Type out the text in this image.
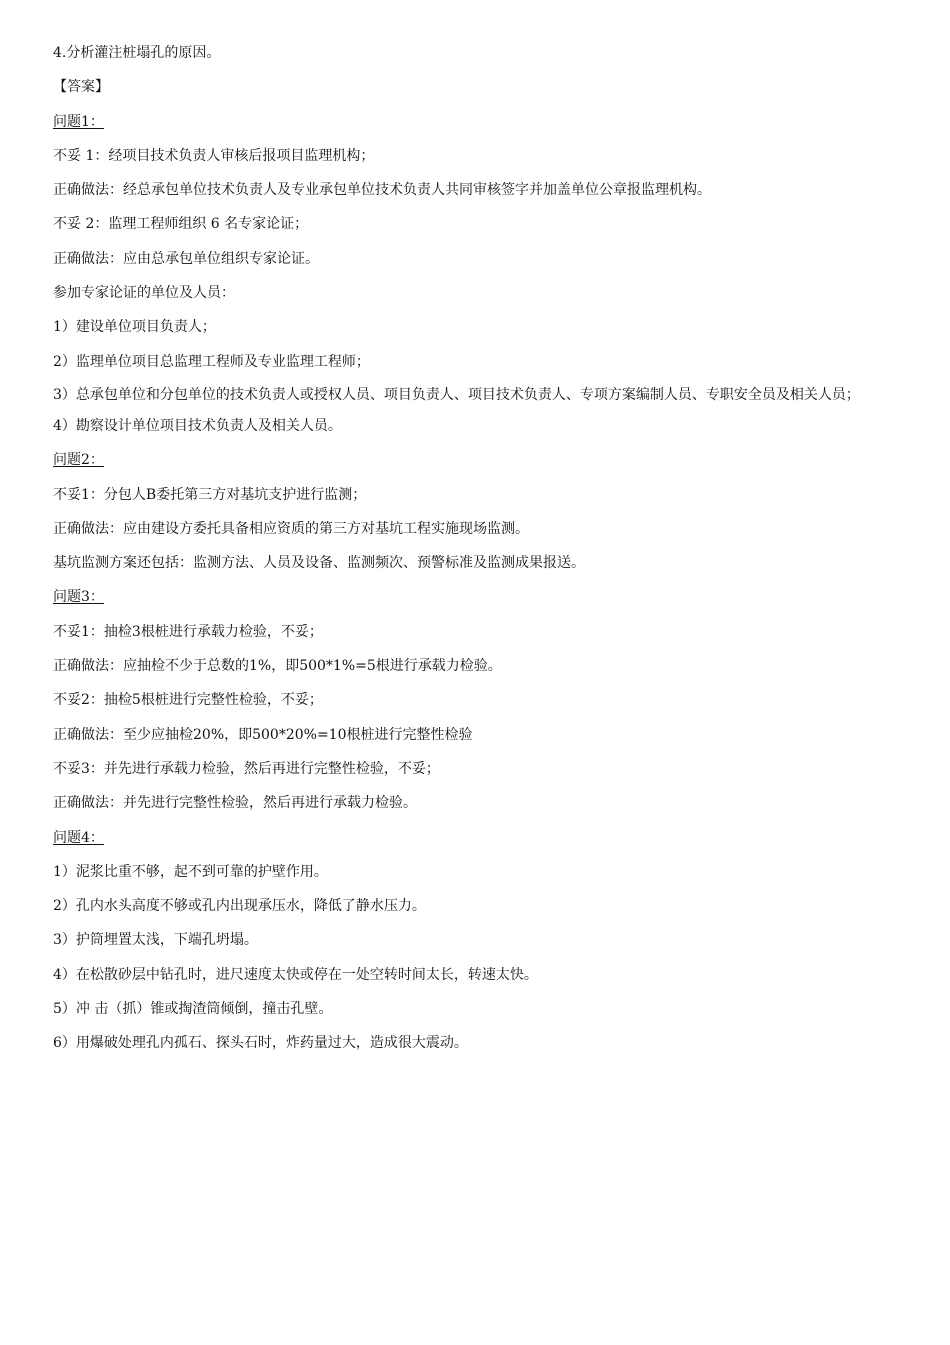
4.分析灌注桩塌孔的原因。
【答案】
问题1：
不妥 1：经项目技术负责人审核后报项目监理机构；
正确做法：经总承包单位技术负责人及专业承包单位技术负责人共同审核签字并加盖单位公章报监理机构。
不妥 2：监理工程师组织 6 名专家论证；
正确做法：应由总承包单位组织专家论证。
参加专家论证的单位及人员：
1）建设单位项目负责人；
2）监理单位项目总监理工程师及专业监理工程师；
3）总承包单位和分包单位的技术负责人或授权人员、项目负责人、项目技术负责人、专项方案编制人员、专职安全员及相关人员；
4）勘察设计单位项目技术负责人及相关人员。
问题2：
不妥1：分包人B委托第三方对基坑支护进行监测；
正确做法：应由建设方委托具备相应资质的第三方对基坑工程实施现场监测。
基坑监测方案还包括：监测方法、人员及设备、监测频次、预警标准及监测成果报送。
问题3：
不妥1：抽检3根桩进行承载力检验，不妥；
正确做法：应抽检不少于总数的1%，即500*1%=5根进行承载力检验。
不妥2：抽检5根桩进行完整性检验，不妥；
正确做法：至少应抽检20%，即500*20%=10根桩进行完整性检验
不妥3：并先进行承载力检验，然后再进行完整性检验，不妥；
正确做法：并先进行完整性检验，然后再进行承载力检验。
问题4：
1）泥浆比重不够，起不到可靠的护壁作用。
2）孔内水头高度不够或孔内出现承压水，降低了静水压力。
3）护筒埋置太浅，下端孔坍塌。
4）在松散砂层中钻孔时，进尺速度太快或停在一处空转时间太长，转速太快。
5）冲 击（抓）锥或掏渣筒倾倒，撞击孔壁。
6）用爆破处理孔内孤石、探头石时，炸药量过大，造成很大震动。
